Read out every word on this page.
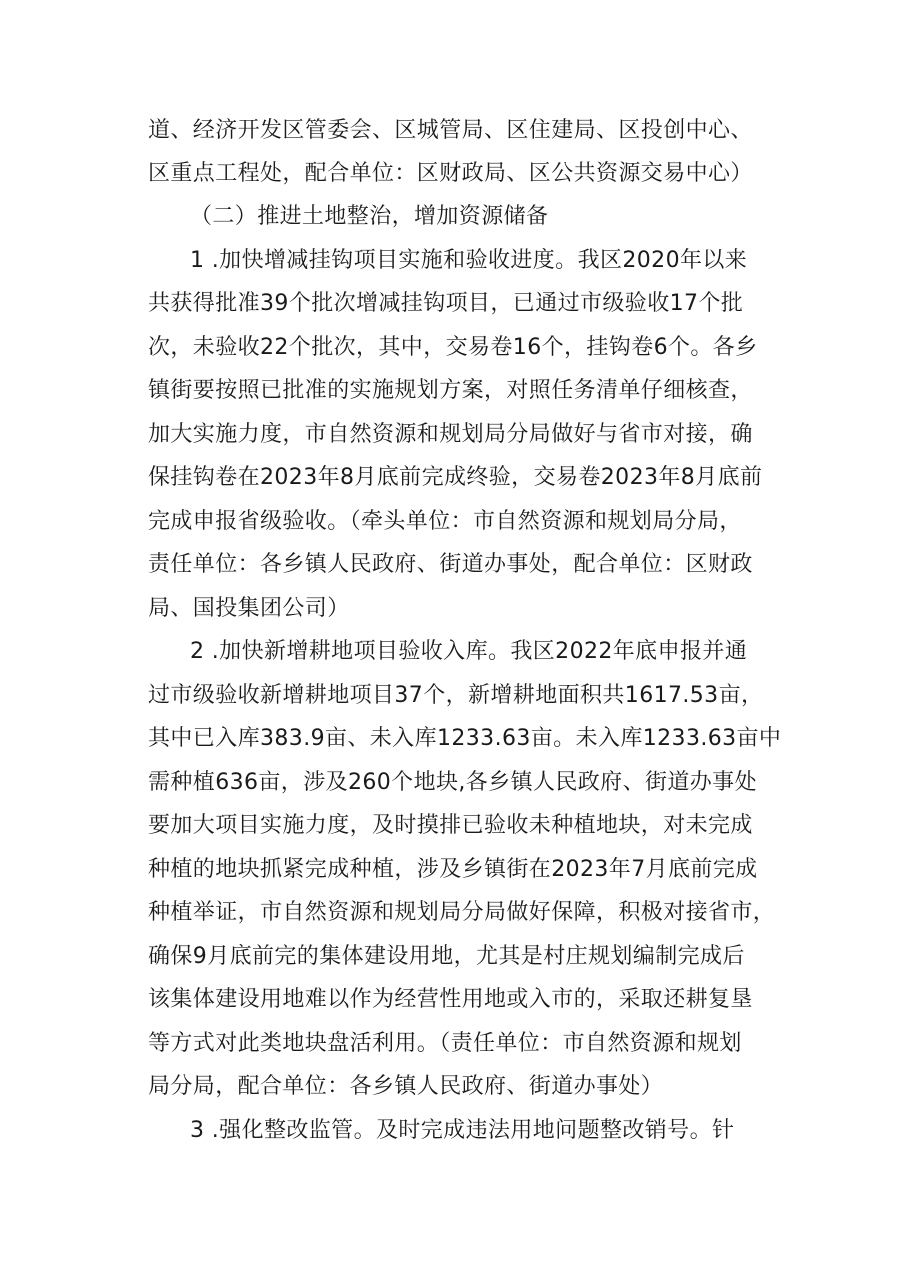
道、经济开发区管委会、区城管局、区住建局、区投创中心、
区重点工程处，配合单位：区财政局、区公共资源交易中心）
（二）推进土地整治，增加资源储备
1 .加快增减挂钩项目实施和验收进度。我区2020年以来
共获得批准39个批次增减挂钩项目，已通过市级验收17个批
次，未验收22个批次，其中，交易卷16个，挂钩卷6个。各乡
镇街要按照已批准的实施规划方案，对照任务清单仔细核查，
加大实施力度，市自然资源和规划局分局做好与省市对接，确
保挂钩卷在2023年8月底前完成终验，交易卷2023年8月底前
完成申报省级验收。（牵头单位：市自然资源和规划局分局，
责任单位：各乡镇人民政府、街道办事处，配合单位：区财政
局、国投集团公司）
2 .加快新增耕地项目验收入库。我区2022年底申报并通
过市级验收新增耕地项目37个，新增耕地面积共1617.53亩，
其中已入库383.9亩、未入库1233.63亩。未入库1233.63亩中
需种植636亩，涉及260个地块,各乡镇人民政府、街道办事处
要加大项目实施力度，及时摸排已验收未种植地块，对未完成
种植的地块抓紧完成种植，涉及乡镇街在2023年7月底前完成
种植举证，市自然资源和规划局分局做好保障，积极对接省市，
确保9月底前完的集体建设用地，尤其是村庄规划编制完成后
该集体建设用地难以作为经营性用地或入市的，采取还耕复垦
等方式对此类地块盘活利用。（责任单位：市自然资源和规划
局分局，配合单位：各乡镇人民政府、街道办事处）
3 .强化整改监管。及时完成违法用地问题整改销号。针
